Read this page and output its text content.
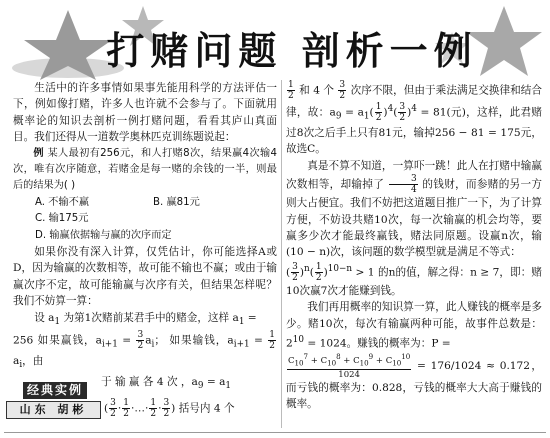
打赌问题 剖析一例

生活中的许多事情如果事先能用科学的方法评估一下，例如像打赌，许多人也许就不会参与了。下面就用概率论的知识去剖析一例打赌问题，看看其庐山真面目。我们还得从一道数学奥林匹克训练题说起：

例 某人最初有256元，和人打赌8次，结果赢4次输4次，唯有次序随意，若赌金是每一赌的余钱的一半，则最后的结果为( )

A. 不输不赢	B. 赢81元
C. 输175元
D. 输赢依据输与赢的次序而定

如果你没有深入计算，仅凭估计，你可能选择A或D，因为输赢的次数相等，故可能不输也不赢；或由于输赢次序不定，故可能输赢与次序有关，但结果怎样呢？我们不妨算一算：

设 $a_1$ 为第1次赌前某君手中的赌金，这样 $a_1$ =

256 如果赢钱，$a_{i+1} = \frac{3}{2} a_i$； 如果输钱，$a_{i+1} = \frac{1}{2}$
$a_i$，由

于 输 赢 各 4 次 ，$a_9 = a_1$

经典实例
山东 胡彬	( $\frac{3}{2} \cdot \frac{1}{2}$ ·…· $\frac{1}{2} \cdot \frac{3}{2}$ ) 括号内 4 个

$\frac{1}{2}$ 和 4 个 $\frac{3}{2}$ 次序不限，但由于乘法满足交换律和结合律，故：$a_9 = a_1( \frac{1}{2} )^4( \frac{3}{2} )^4 = 81$(元)，这样，此君赌过8次之后手上只有81元，输掉256 − 81 = 175元，故选C。

真是不算不知道，一算吓一跳！此人在打赌中输赢次数相等，却输掉了 $\frac{3}{4}$ 的钱财，而参赌的另一方则大占便宜。我们不妨把这道题目推广一下，为了计算方便，不妨设共赌10次，每一次输赢的机会均等，要赢多少次才能最终赢钱，赌法同原题。设赢n次，输(10 − n)次，该问题的数学模型就是满足不等式：

( $\frac{3}{2} )^n( \frac{1}{2} )^{10-n} > 1$ 的n的值，解之得：n ≥ 7，即：赌10次赢7次才能赚到钱。

我们再用概率的知识算一算，此人赚钱的概率是多少。赌10次，每次有输赢两种可能，故事件总数是：$2^{10} = 1024$。赚钱的概率为：P =

$\frac{C_{10}^7 + C_{10}^8 + C_{10}^9 + C_{10}^{10}}{1024} = 176/1024 \approx 0.172$，而亏钱的概率为：0.828，亏钱的概率大大高于赚钱的概率。
